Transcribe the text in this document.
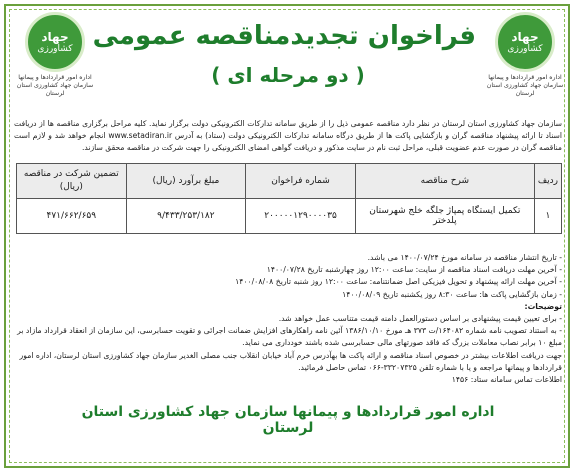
جهاد
کشاورزی
اداره امور قراردادها و پیمانها سازمان جهاد کشاورزی استان لرستان
جهاد
کشاورزی
اداره امور قراردادها و پیمانها سازمان جهاد کشاورزی استان لرستان
فراخوان تجدیدمناقصه عمومی
( دو مرحله ای )
سازمان جهاد کشاورزی استان لرستان در نظر دارد مناقصه عمومی ذیل را از طریق سامانه تدارکات الکترونیکی دولت برگزار نماید. کلیه مراحل برگزاری مناقصه ها از دریافت اسناد تا ارائه پیشنهاد مناقصه گران و بازگشایی پاکت ها از طریق درگاه سامانه تدارکات الکترونیکی دولت (ستاد) به آدرس www.setadiran.ir انجام خواهد شد و لازم است مناقصه گران در صورت عدم عضویت قبلی، مراحل ثبت نام در سایت مذکور و دریافت گواهی امضای الکترونیکی را جهت شرکت در مناقصه محقق سازند.
ردیف	شرح مناقصه	شماره فراخوان	مبلغ برآورد (ریال)	تضمین شرکت در مناقصه (ریال)
۱	تکمیل ایستگاه پمپاژ جلگه خلج شهرستان پلدختر	۲۰۰۰۰۰۱۲۹۰۰۰۰۳۵	۹/۴۳۳/۲۵۳/۱۸۲	۴۷۱/۶۶۲/۶۵۹

- تاریخ انتشار مناقصه در سامانه مورخ ۱۴۰۰/۰۷/۲۴ می باشد.

- آخرین مهلت دریافت اسناد مناقصه از سایت: ساعت ۱۲:۰۰ روز چهارشنبه تاریخ ۱۴۰۰/۰۷/۲۸

- آخرین مهلت ارائه پیشنهاد و تحویل فیزیکی اصل ضمانتنامه: ساعت ۱۲:۰۰ روز شنبه تاریخ ۱۴۰۰/۰۸/۰۸

- زمان بازگشایی پاکت ها: ساعت ۸:۳۰ روز یکشنبه تاریخ ۱۴۰۰/۰۸/۰۹

توضیحات:

- برای تعیین قیمت پیشنهادی بر اساس دستورالعمل دامنه قیمت متناسب عمل خواهد شد.

- به استناد تصویب نامه شماره ۱۶۴۰۸۲/ت ۳۷۳ هـ مورخ ۱۳۸۶/۱۰/۱۰ آئین نامه راهکارهای افزایش ضمانت اجرائی و تقویت حسابرسی، این سازمان از انعقاد قرارداد مازاد بر مبلغ ۱۰ برابر نصاب معاملات بزرگ که فاقد صورتهای مالی حسابرسی شده باشند خودداری می نماید.

جهت دریافت اطلاعات بیشتر در خصوص اسناد مناقصه و ارائه پاکت ها بهآدرس خرم آباد خیابان انقلاب جنب مصلی الغدیر سازمان جهاد کشاورزی استان لرستان، اداره امور قراردادها و پیمانها مراجعه و یا با شماره تلفن ۳۳۲۰۷۳۲۵-۰۶۶ تماس حاصل فرمائید.

اطلاعات تماس سامانه ستاد: ۱۴۵۶

اداره امور قراردادها و پیمانها سازمان جهاد کشاورزی استان لرستان
